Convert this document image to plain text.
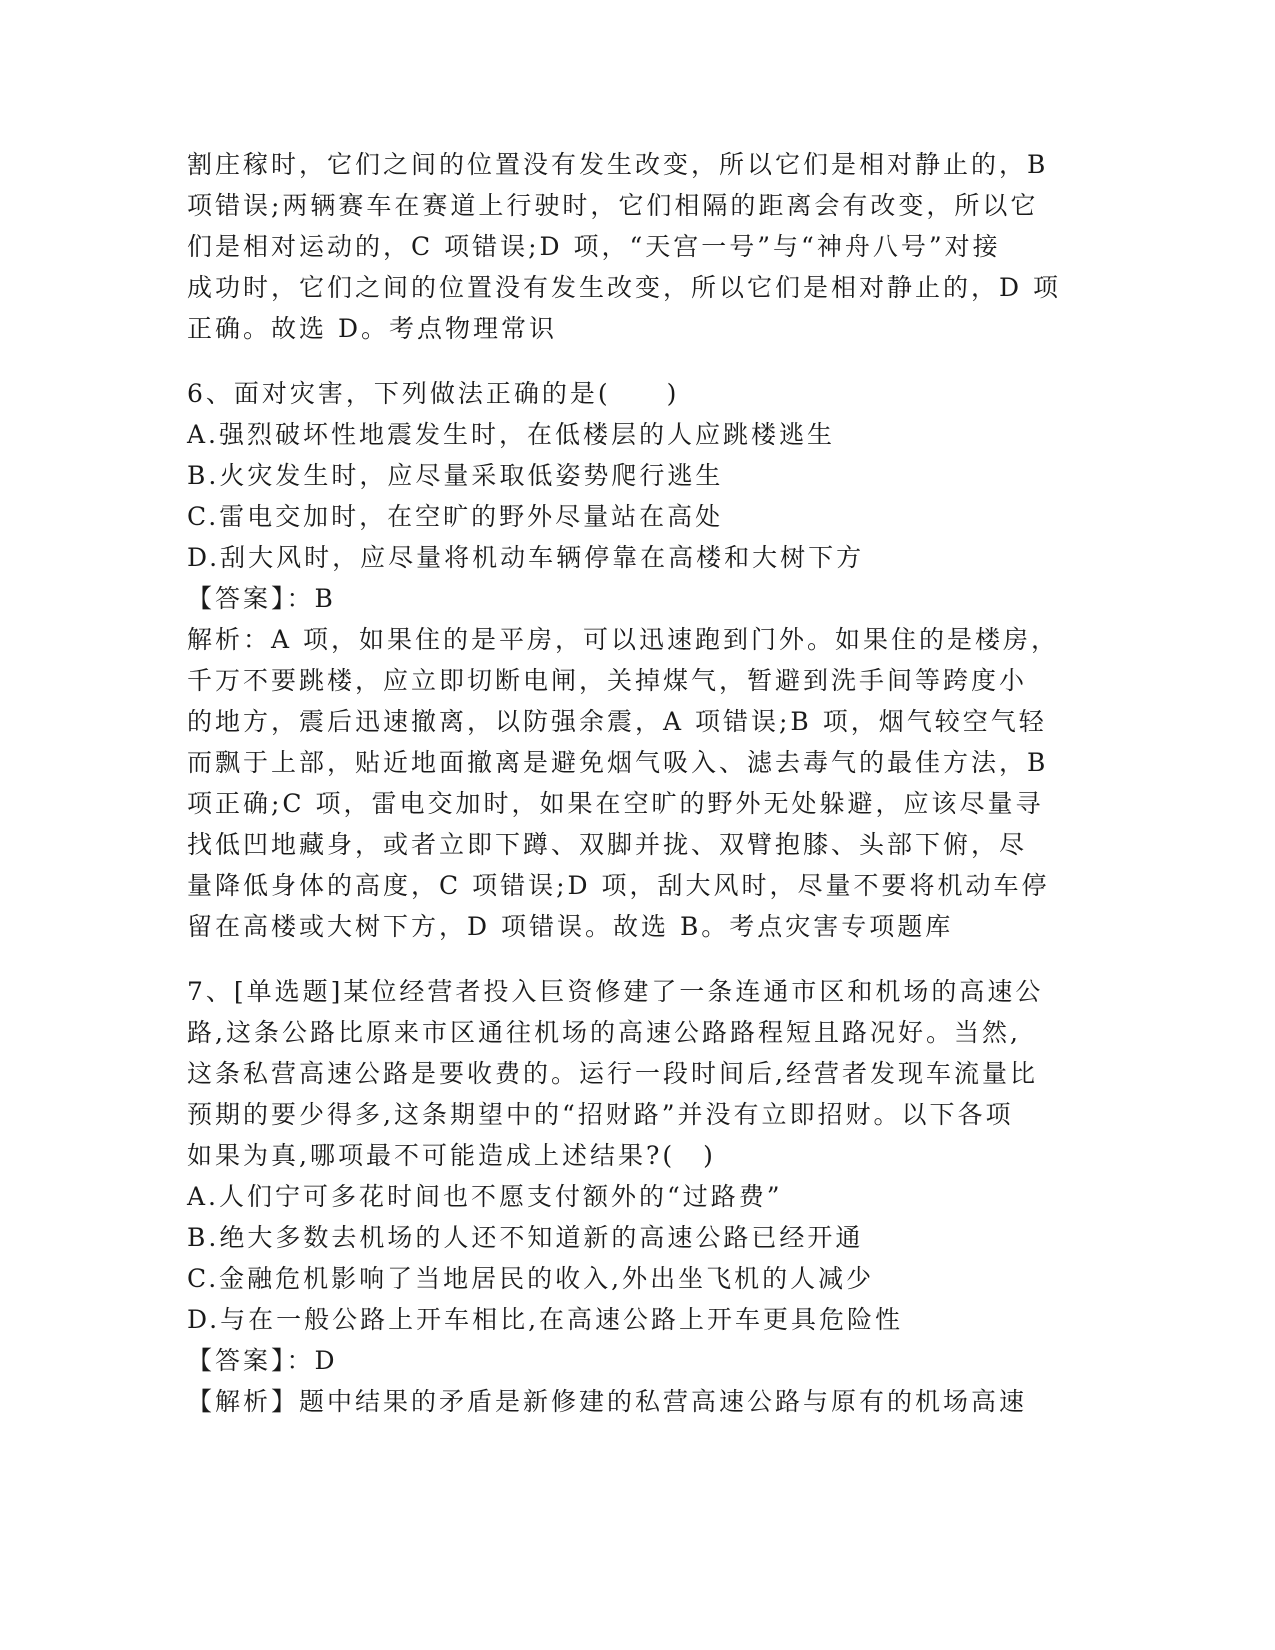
割庄稼时，它们之间的位置没有发生改变，所以它们是相对静止的，B
项错误;两辆赛车在赛道上行驶时，它们相隔的距离会有改变，所以它
们是相对运动的，C 项错误;D 项，“天宫一号”与“神舟八号”对接
成功时，它们之间的位置没有发生改变，所以它们是相对静止的，D 项
正确。故选 D。考点物理常识
6、面对灾害，下列做法正确的是(　　)
A.强烈破坏性地震发生时，在低楼层的人应跳楼逃生
B.火灾发生时，应尽量采取低姿势爬行逃生
C.雷电交加时，在空旷的野外尽量站在高处
D.刮大风时，应尽量将机动车辆停靠在高楼和大树下方
【答案】：B
解析：A 项，如果住的是平房，可以迅速跑到门外。如果住的是楼房，
千万不要跳楼，应立即切断电闸，关掉煤气，暂避到洗手间等跨度小
的地方，震后迅速撤离，以防强余震，A 项错误;B 项，烟气较空气轻
而飘于上部，贴近地面撤离是避免烟气吸入、滤去毒气的最佳方法，B
项正确;C 项，雷电交加时，如果在空旷的野外无处躲避，应该尽量寻
找低凹地藏身，或者立即下蹲、双脚并拢、双臂抱膝、头部下俯，尽
量降低身体的高度，C 项错误;D 项，刮大风时，尽量不要将机动车停
留在高楼或大树下方，D 项错误。故选 B。考点灾害专项题库
7、[单选题]某位经营者投入巨资修建了一条连通市区和机场的高速公
路,这条公路比原来市区通往机场的高速公路路程短且路况好。当然,
这条私营高速公路是要收费的。运行一段时间后,经营者发现车流量比
预期的要少得多,这条期望中的“招财路”并没有立即招财。以下各项
如果为真,哪项最不可能造成上述结果?(　)
A.人们宁可多花时间也不愿支付额外的“过路费”
B.绝大多数去机场的人还不知道新的高速公路已经开通
C.金融危机影响了当地居民的收入,外出坐飞机的人减少
D.与在一般公路上开车相比,在高速公路上开车更具危险性
【答案】：D
【解析】题中结果的矛盾是新修建的私营高速公路与原有的机场高速
